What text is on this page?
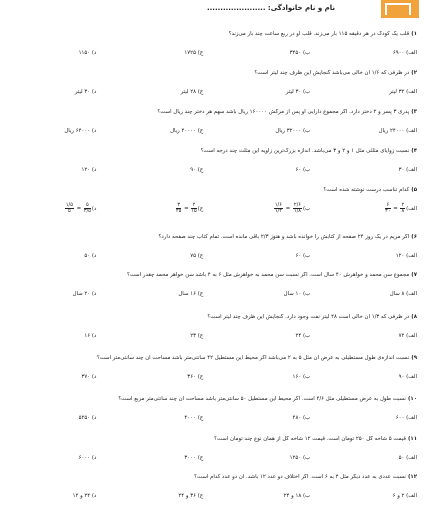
نام و نام خانوادگی: ......................
۱)قلب یک کودک در هر دقیقه ۱۱۵ بار می‌زند. قلب او در ربع ساعت چند بار می‌زند؟
الف) ۶۹۰۰
ب) ۳۴۵۰
ج) ۱۷۲۵
د) ۱۱۵۰
۲)در ظرفی که ۱/۶ آن خالی می‌باشد گنجایش این ظرف چند لیتر است؟
الف) ۳۲ لیتر
ب) ۳۰ لیتر
ج) ۲۸ لیتر
د) ۳۰ لیتر
۳)پدری ۳ پسر و ۲ دختر دارد. اگر مجموع دارایی او پس از مرگش ۱۶۰۰۰۰ ریال باشد سهم هر دختر چند ریال است؟
الف) ۲۴۰۰۰ ریال
ب) ۳۲۰۰۰ ریال
ج) ۴۰۰۰۰ ریال
د) ۶۴۰۰۰ ریال
۴)نسبت زوایای مثلثی مثل ۱ و ۲ و ۳ می‌باشد. اندازه بزرگ‌ترین زاویه این مثلث چند درجه است؟
الف) ۳۰
ب) ۶۰
ج) ۹۰
د) ۱۲۰
۵)کدام تناسب درست نوشته شده است؟
الف)
$\frac{۲}{۸}$
=
$\frac{۶}{۳۰}$
ب)
$\frac{۲/۶}{۱/۸}$
=
$\frac{۱/۶}{۱/۲}$
ج)
$\frac{۲}{۱۵}$
=
$\frac{۳}{۲۵}$
د)
$\frac{۵}{۳/۵}$
=
$\frac{۱/۵}{۵}$
۶)اگر مریم در یک روز ۲۴ صفحه از کتابش را خوانده باشد و هنوز ۲/۳ باقی مانده است. تمام کتاب چند صفحه دارد؟
الف) ۱۲۰
ب) ۶۰
ج) ۷۵
د) ۵۰
۷)مجموع سن محمد و خواهرش ۴۰ سال است. اگر نسبت سن محمد به خواهرش مثل ۶ به ۴ باشد سن خواهر محمد چقدر است؟
الف) ۸ سال
ب) ۱۰ سال
ج) ۱۶ سال
د) ۲۰ سال
۸)در ظرفی که ۱/۳ آن خالی است ۴۸ لیتر نفت وجود دارد. گنجایش این ظرف چند لیتر است؟
الف) ۷۲
ب) ۲۴
ج) ۲۳
د) ۱۶
۹)نسبت اندازه‌ی طول مستطیلی به عرض آن مثل ۵ به ۲ می‌باشد اگر محیط این مستطیل ۴۲ سانتی‌متر باشد مساحت آن چند سانتی‌متر است؟
الف) ۹۰
ب) ۱۶۰
ج) ۳۶۰
د) ۳۷۰
۱۰)نسبت طول به عرض مستطیلی مثل ۴/۶ است. اگر محیط این مستطیل ۵۰ سانتی‌متر باشد مساحت آن چند سانتی‌متر مربع است؟
الف) ۶۰۰
ب) ۴۸۰
ج) ۴۰۰۰
د) ۵۲۵۰
۱۱)قیمت ۵ شاخه گل ۲۵۰ تومان است. قیمت ۱۲ شاخه گل از همان نوع چند تومان است؟
الف) ۵۰
ب) ۱۲۵۰
ج) ۳۰۰۰
د) ۶۰۰۰
۱۲)نسبت عددی به عدد دیگر مثل ۴ به ۶ است. اگر اختلاف دو عدد ۱۲ باشد. آن دو عدد کدام است؟
الف) ۲ و ۶
ب) ۱۸ و ۲۴
ج) ۳۶ و ۲۴
د) ۲۴ و ۱۲
